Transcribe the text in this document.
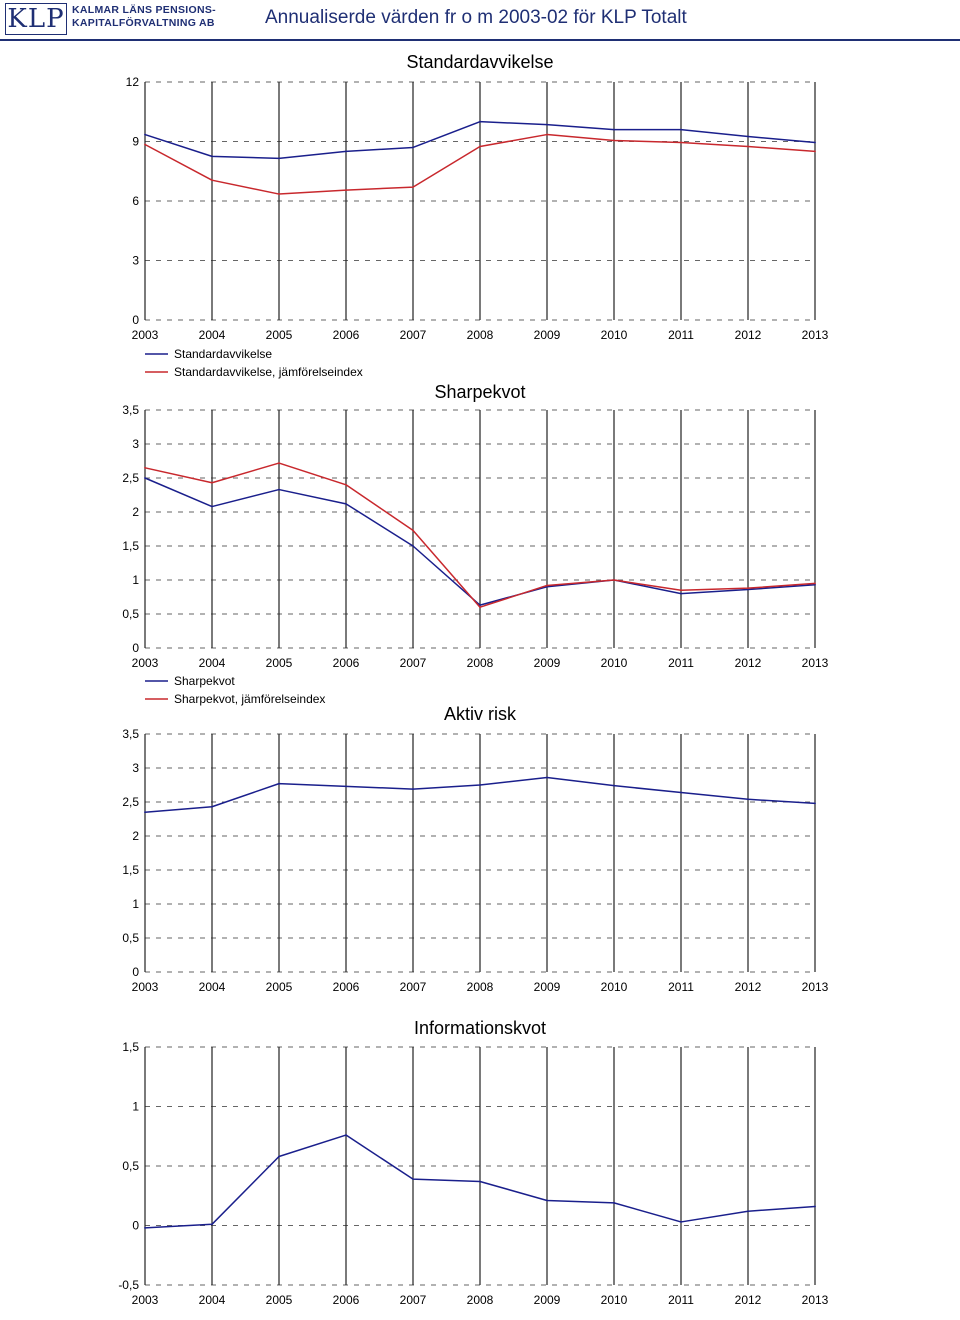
KLP KALMAR LÄNS PENSIONS-
KAPITALFÖRVALTNING AB	Annualiserde värden fr o m 2003-02 för KLP Totalt
0
3
6
9
12
2003	2004	2005	2006	2007	2008	2009	2010	2011	2012	2013
Standardavvikelse
Standardavvikelse
Standardavvikelse, jämförelseindex
0
0,5
1
1,5
2
2,5
3
3,5
2003	2004	2005	2006	2007	2008	2009	2010	2011	2012	2013
Sharpekvot
Sharpekvot
Sharpekvot, jämförelseindex
0
0,5
1
1,5
2
2,5
3
3,5
2003	2004	2005	2006	2007	2008	2009	2010	2011	2012	2013
Aktiv risk
-0,5
0
0,5
1
1,5
2003	2004	2005	2006	2007	2008	2009	2010	2011	2012	2013
Informationskvot
